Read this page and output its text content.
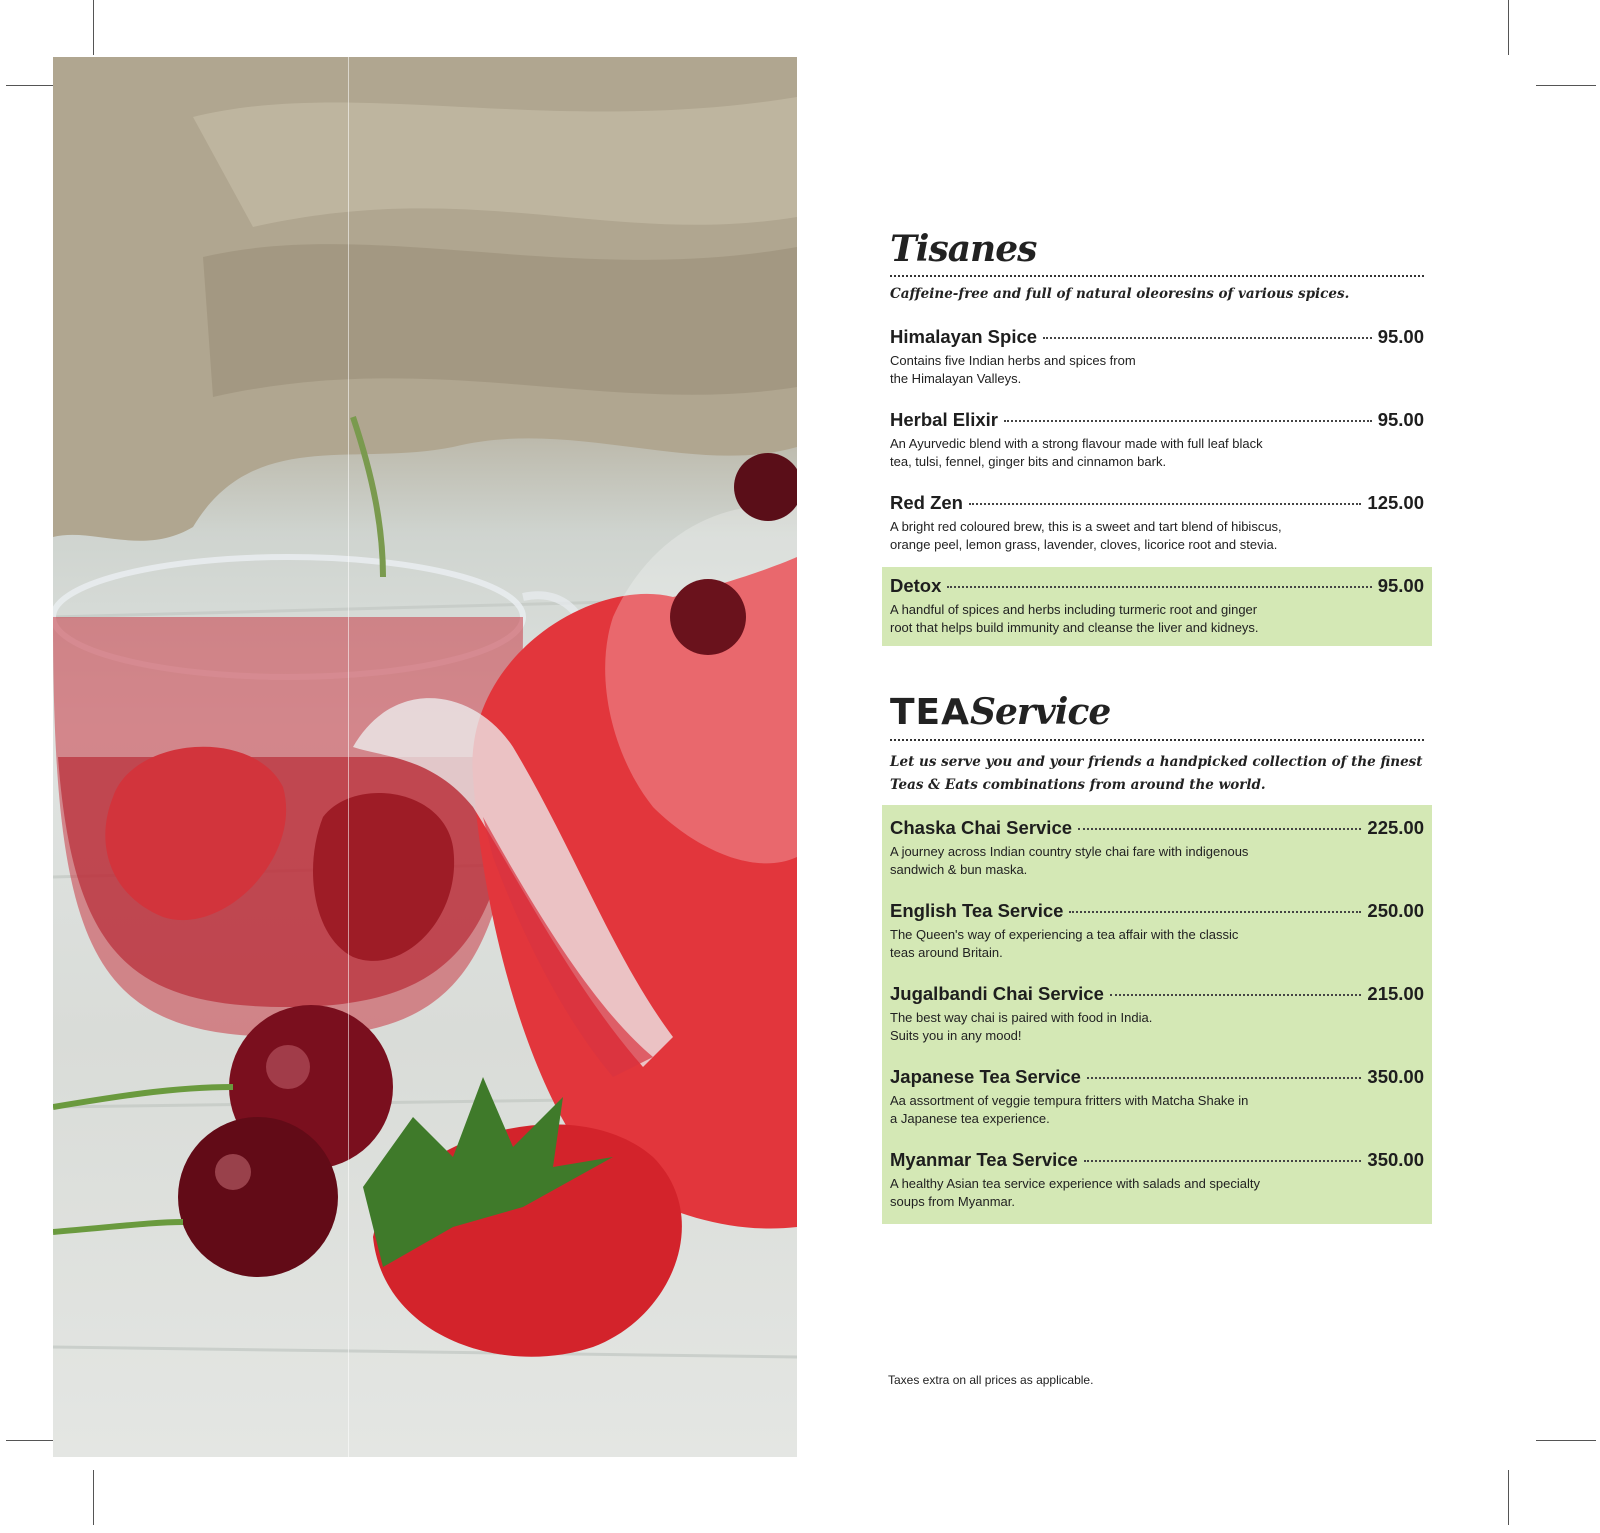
Tisanes
Caffeine-free and full of natural oleoresins of various spices.
Himalayan Spice	95.00
Contains five Indian herbs and spices from
the Himalayan Valleys.
Herbal Elixir	95.00
An Ayurvedic blend with a strong flavour made with full leaf black
tea, tulsi, fennel, ginger bits and cinnamon bark.
Red Zen	125.00
A bright red coloured brew, this is a sweet and tart blend of hibiscus,
orange peel, lemon grass, lavender, cloves, licorice root and stevia.
Detox	95.00
A handful of spices and herbs including turmeric root and ginger
root that helps build immunity and cleanse the liver and kidneys.
TEAService
Let us serve you and your friends a handpicked collection of the finest Teas & Eats combinations from around the world.
Chaska Chai Service	225.00
A journey across Indian country style chai fare with indigenous
sandwich & bun maska.
English Tea Service	250.00
The Queen's way of experiencing a tea affair with the classic
teas around Britain.
Jugalbandi Chai Service	215.00
The best way chai is paired with food in India.
Suits you in any mood!
Japanese Tea Service	350.00
Aa assortment of veggie tempura fritters with Matcha Shake in
a Japanese tea experience.
Myanmar Tea Service	350.00
A healthy Asian tea service experience with salads and specialty
soups from Myanmar.
Taxes extra on all prices as applicable.
